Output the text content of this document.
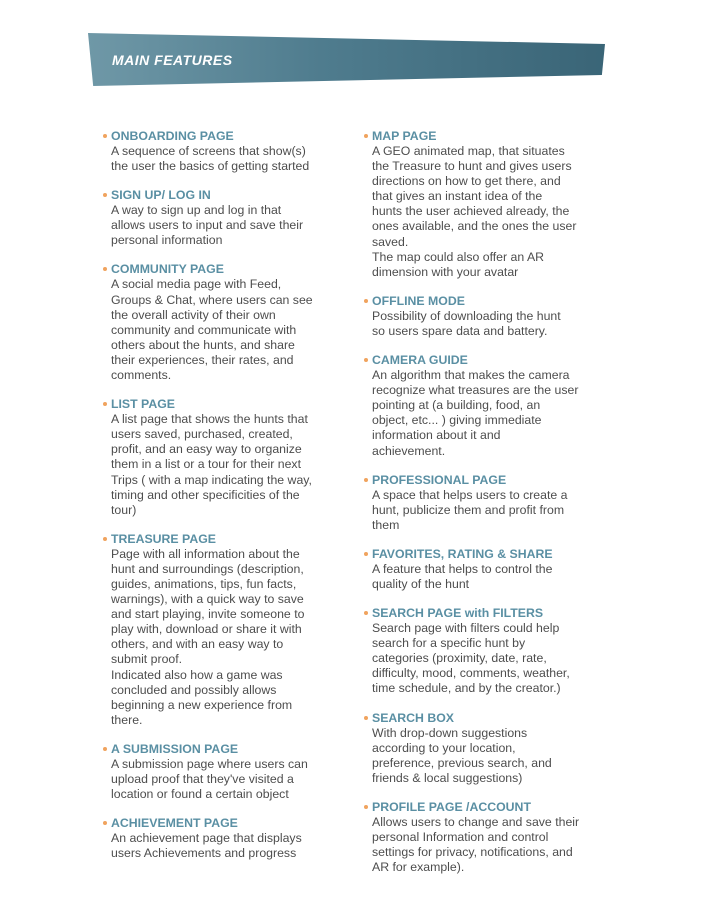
MAIN FEATURES
ONBOARDING PAGE
A sequence of screens that show(s)
the user the basics of getting started
SIGN UP/ LOG IN
A way to sign up and log in that
allows users to input and save their
personal information
COMMUNITY PAGE
A social media page with Feed,
Groups & Chat, where users can see
the overall activity of their own
community and communicate with
others about the hunts, and share
their experiences, their rates, and
comments.
LIST PAGE
A list page that shows the hunts that
users saved, purchased, created,
profit, and an easy way to organize
them in a list or a tour for their next
Trips ( with a map indicating the way,
timing and other specificities of the
tour)
TREASURE PAGE
Page with all information about the
hunt and surroundings (description,
guides, animations, tips, fun facts,
warnings), with a quick way to save
and start playing, invite someone to
play with, download or share it with
others, and with an easy way to
submit proof.
Indicated also how a game was
concluded and possibly allows
beginning a new experience from
there.
A SUBMISSION PAGE
A submission page where users can
upload proof that they've visited a
location or found a certain object
ACHIEVEMENT PAGE
An achievement page that displays
users Achievements and progress
MAP PAGE
A GEO animated map, that situates
the Treasure to hunt and gives users
directions on how to get there, and
that gives an instant idea of the
hunts the user achieved already, the
ones available, and the ones the user
saved.
The map could also offer an AR
dimension with your avatar
OFFLINE MODE
Possibility of downloading the hunt
so users spare data and battery.
CAMERA GUIDE
An algorithm that makes the camera
recognize what treasures are the user
pointing at (a building, food, an
object, etc... ) giving immediate
information about it and
achievement.
PROFESSIONAL PAGE
A space that helps users to create a
hunt, publicize them and profit from
them
FAVORITES, RATING & SHARE
A feature that helps to control the
quality of the hunt
SEARCH PAGE with FILTERS
Search page with filters could help
search for a specific hunt by
categories (proximity, date, rate,
difficulty, mood, comments, weather,
time schedule, and by the creator.)
SEARCH BOX
With drop-down suggestions
according to your location,
preference, previous search, and
friends & local suggestions)
PROFILE PAGE /ACCOUNT
Allows users to change and save their
personal Information and control
settings for privacy, notifications, and
AR for example).
